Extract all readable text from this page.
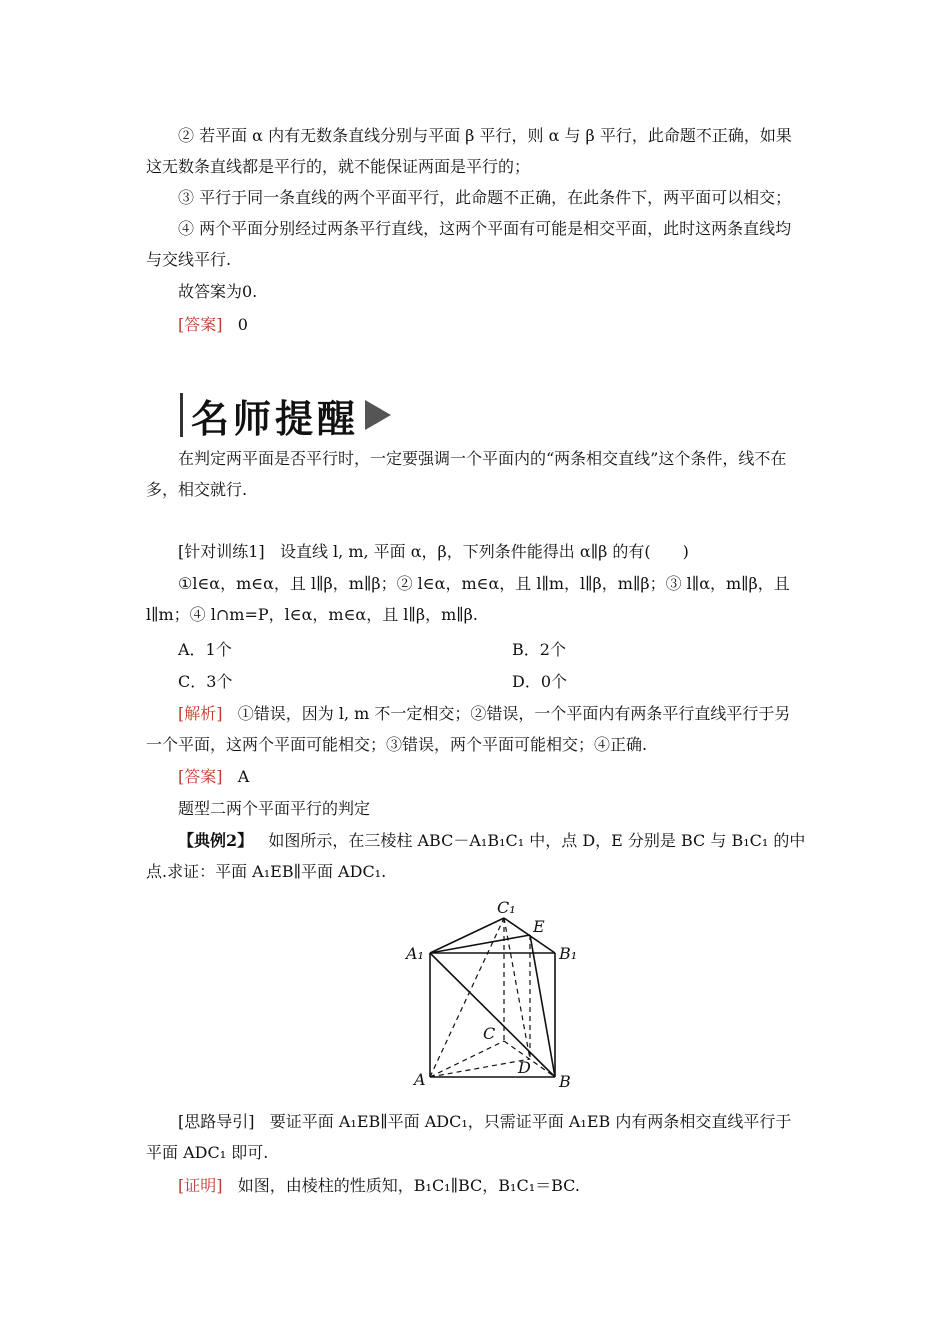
② 若平面 α 内有无数条直线分别与平面 β 平行，则 α 与 β 平行，此命题不正确，如果这无数条直线都是平行的，就不能保证两面是平行的；

③ 平行于同一条直线的两个平面平行，此命题不正确，在此条件下，两平面可以相交；

④ 两个平面分别经过两条平行直线，这两个平面有可能是相交平面，此时这两条直线均与交线平行.

故答案为0.

[答案] 0

名师提醒

在判定两平面是否平行时，一定要强调一个平面内的“两条相交直线”这个条件，线不在多，相交就行.

[针对训练1] 设直线 l, m, 平面 α，β，下列条件能得出 α∥β 的有(　　)

①l∈α，m∈α，且 l∥β，m∥β；② l∈α，m∈α，且 l∥m，l∥β，m∥β；③ l∥α，m∥β，且 l∥m；④ l∩m=P，l∈α，m∈α，且 l∥β，m∥β.

A．1个	B．2个
C．3个	D．0个

[解析] ①错误，因为 l, m 不一定相交；②错误，一个平面内有两条平行直线平行于另一个平面，这两个平面可能相交；③错误，两个平面可能相交；④正确.

[答案] A

题型二两个平面平行的判定

【典例2】 如图所示，在三棱柱 ABC－A₁B₁C₁ 中，点 D，E 分别是 BC 与 B₁C₁ 的中点.求证：平面 A₁EB∥平面 ADC₁.

C₁
E
A₁	B₁
C
D
A	B

[思路导引] 要证平面 A₁EB∥平面 ADC₁，只需证平面 A₁EB 内有两条相交直线平行于平面 ADC₁ 即可.

[证明] 如图，由棱柱的性质知，B₁C₁∥BC，B₁C₁＝BC.
